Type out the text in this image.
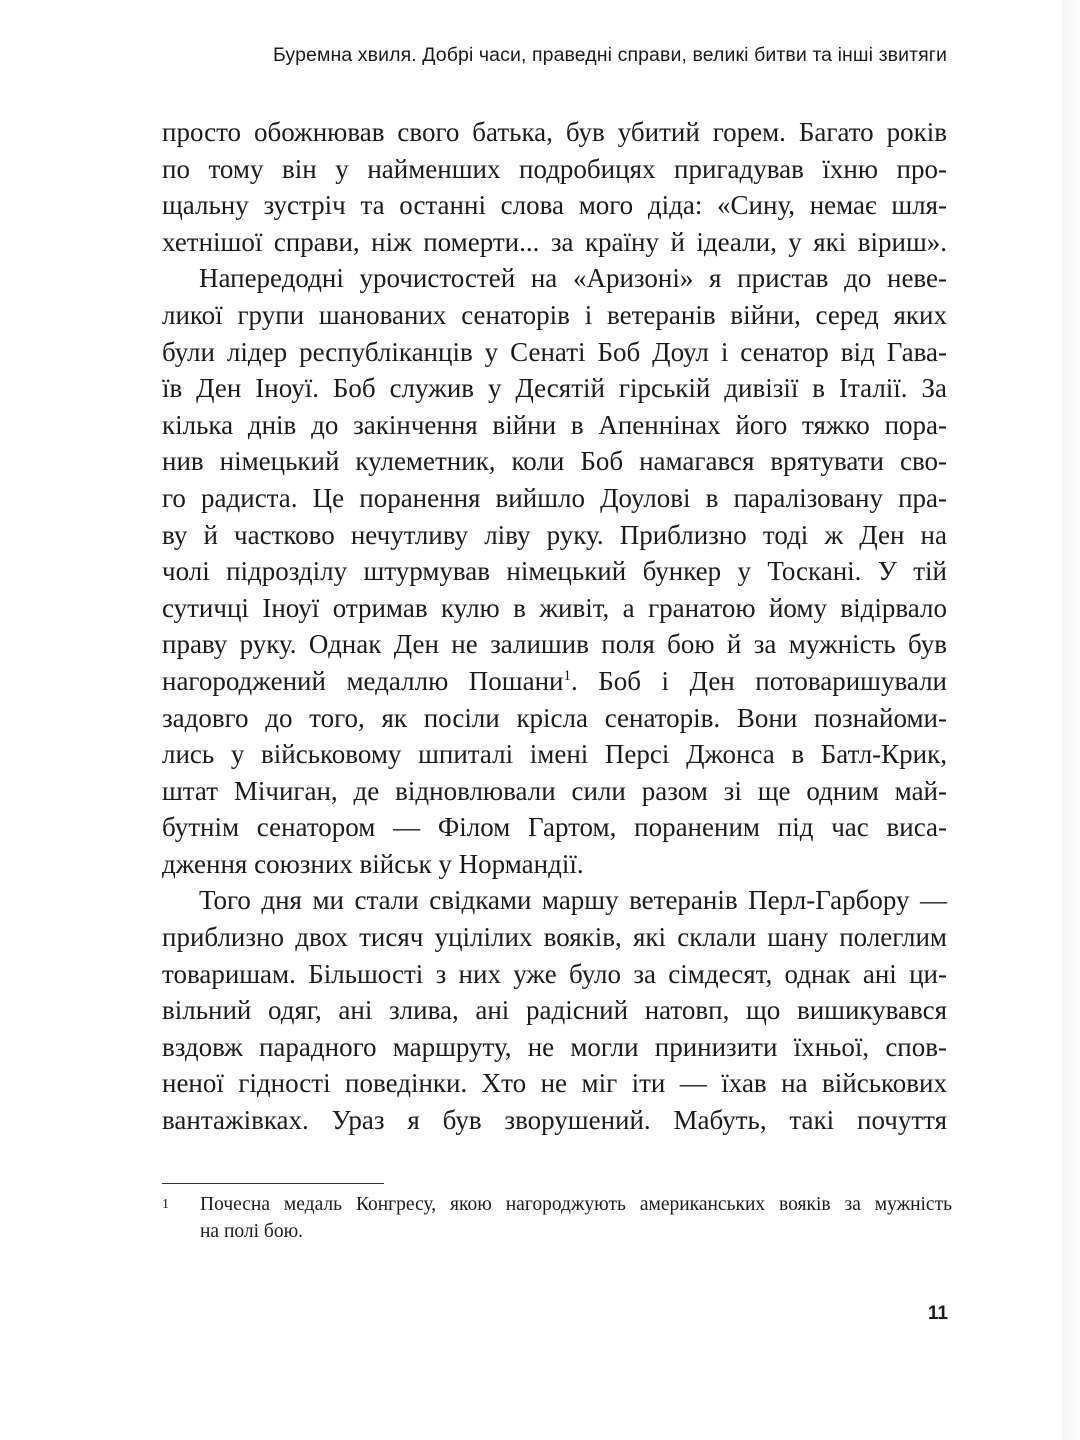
Буремна хвиля. Добрі часи, праведні справи, великі битви та інші звитяги
просто обожнював свого батька, був убитий горем. Багато років
по тому він у найменших подробицях пригадував їхню про-
щальну зустріч та останні слова мого діда: «Сину, немає шля-
хетнішої справи, ніж померти... за країну й ідеали, у які віриш».
Напередодні урочистостей на «Аризоні» я пристав до неве-
ликої групи шанованих сенаторів і ветеранів війни, серед яких
були лідер республіканців у Сенаті Боб Доул і сенатор від Гава-
їв Ден Іноуї. Боб служив у Десятій гірській дивізії в Італії. За
кілька днів до закінчення війни в Апеннінах його тяжко пора-
нив німецький кулеметник, коли Боб намагався врятувати сво-
го радиста. Це поранення вийшло Доулові в паралізовану пра-
ву й частково нечутливу ліву руку. Приблизно тоді ж Ден на
чолі підрозділу штурмував німецький бункер у Тоскані. У тій
сутичці Іноуї отримав кулю в живіт, а гранатою йому відірвало
праву руку. Однак Ден не залишив поля бою й за мужність був
нагороджений медаллю Пошани$^1$. Боб і Ден потоваришували
задовго до того, як посіли крісла сенаторів. Вони познайоми-
лись у військовому шпиталі імені Персі Джонса в Батл-Крик,
штат Мічиган, де відновлювали сили разом зі ще одним май-
бутнім сенатором — Філом Гартом, пораненим під час виса-
дження союзних військ у Нормандії.
Того дня ми стали свідками маршу ветеранів Перл-Гарбору —
приблизно двох тисяч уцілілих вояків, які склали шану полеглим
товаришам. Більшості з них уже було за сімдесят, однак ані ци-
вільний одяг, ані злива, ані радісний натовп, що вишикувався
вздовж парадного маршруту, не могли принизити їхньої, спов-
неної гідності поведінки. Хто не міг іти — їхав на військових
вантажівках. Ураз я був зворушений. Мабуть, такі почуття
1 Почесна медаль Конгресу, якою нагороджують американських вояків за мужність
на полі бою.
11
